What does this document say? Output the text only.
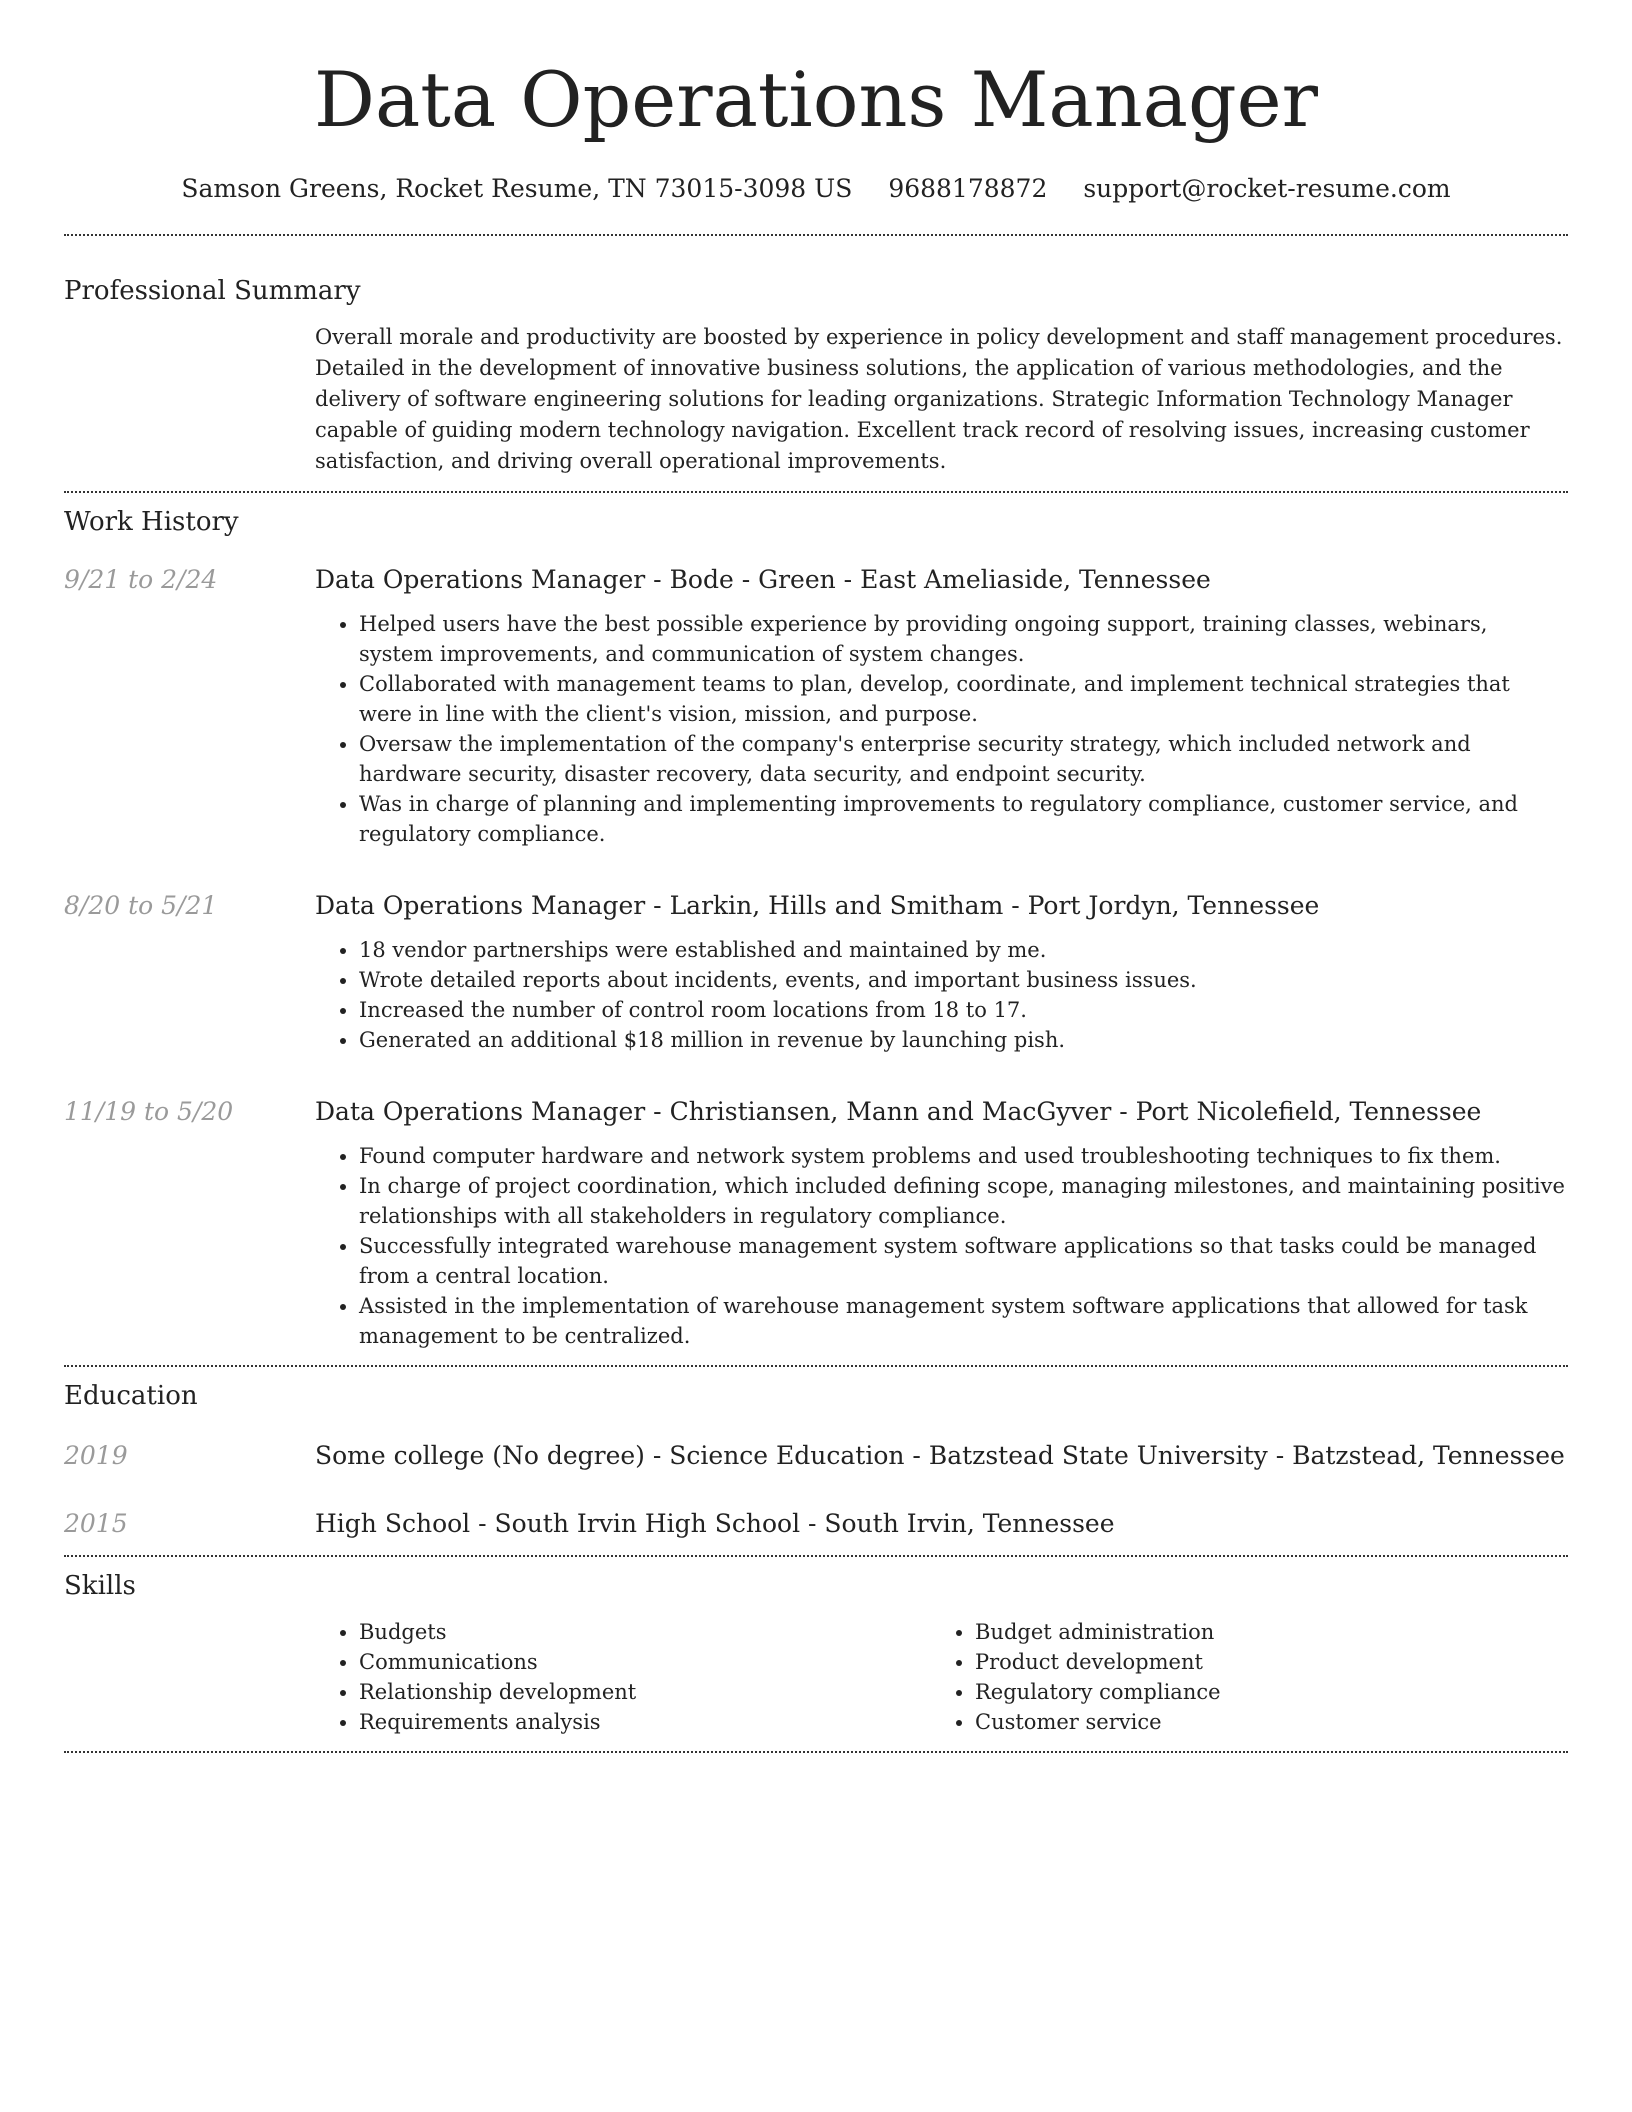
Data Operations Manager
Samson Greens, Rocket Resume, TN 73015-3098 US 9688178872 support@rocket-resume.com
Professional Summary
Overall morale and productivity are boosted by experience in policy development and staff management procedures. Detailed in the development of innovative business solutions, the application of various methodologies, and the delivery of software engineering solutions for leading organizations. Strategic Information Technology Manager capable of guiding modern technology navigation. Excellent track record of resolving issues, increasing customer satisfaction, and driving overall operational improvements.
Work History
9/21 to 2/24	Data Operations Manager - Bode - Green - East Ameliaside, Tennessee
• Helped users have the best possible experience by providing ongoing support, training classes, webinars, system improvements, and communication of system changes.
• Collaborated with management teams to plan, develop, coordinate, and implement technical strategies that were in line with the client's vision, mission, and purpose.
• Oversaw the implementation of the company's enterprise security strategy, which included network and hardware security, disaster recovery, data security, and endpoint security.
• Was in charge of planning and implementing improvements to regulatory compliance, customer service, and regulatory compliance.
8/20 to 5/21	Data Operations Manager - Larkin, Hills and Smitham - Port Jordyn, Tennessee
• 18 vendor partnerships were established and maintained by me.
• Wrote detailed reports about incidents, events, and important business issues.
• Increased the number of control room locations from 18 to 17.
• Generated an additional $18 million in revenue by launching pish.
11/19 to 5/20	Data Operations Manager - Christiansen, Mann and MacGyver - Port Nicolefield, Tennessee
• Found computer hardware and network system problems and used troubleshooting techniques to fix them.
• In charge of project coordination, which included defining scope, managing milestones, and maintaining positive relationships with all stakeholders in regulatory compliance.
• Successfully integrated warehouse management system software applications so that tasks could be managed from a central location.
• Assisted in the implementation of warehouse management system software applications that allowed for task management to be centralized.
Education
2019	Some college (No degree) - Science Education - Batzstead State University - Batzstead, Tennessee
2015	High School - South Irvin High School - South Irvin, Tennessee
Skills
• Budgets
• Communications
• Relationship development
• Requirements analysis
• Budget administration
• Product development
• Regulatory compliance
• Customer service
